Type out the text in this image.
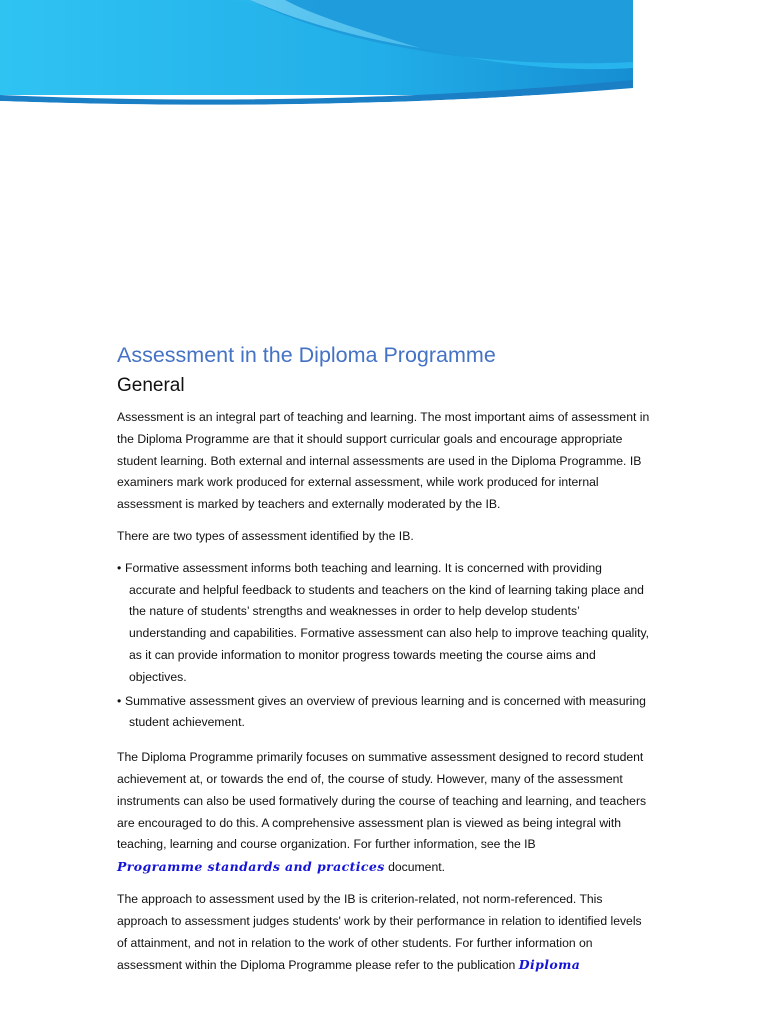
Assessment in the Diploma Programme
General

Assessment is an integral part of teaching and learning. The most important aims of assessment in the Diploma Programme are that it should support curricular goals and encourage appropriate student learning. Both external and internal assessments are used in the Diploma Programme. IB examiners mark work produced for external assessment, while work produced for internal assessment is marked by teachers and externally moderated by the IB.

There are two types of assessment identified by the IB.

• Formative assessment informs both teaching and learning. It is concerned with providing accurate and helpful feedback to students and teachers on the kind of learning taking place and the nature of students’ strengths and weaknesses in order to help develop students’ understanding and capabilities. Formative assessment can also help to improve teaching quality, as it can provide information to monitor progress towards meeting the course aims and objectives.
• Summative assessment gives an overview of previous learning and is concerned with measuring student achievement.

The Diploma Programme primarily focuses on summative assessment designed to record student achievement at, or towards the end of, the course of study. However, many of the assessment instruments can also be used formatively during the course of teaching and learning, and teachers are encouraged to do this. A comprehensive assessment plan is viewed as being integral with teaching, learning and course organization. For further information, see the IB
Programme standards and practices document.

The approach to assessment used by the IB is criterion-related, not norm-referenced. This approach to assessment judges students' work by their performance in relation to identified levels of attainment, and not in relation to the work of other students. For further information on assessment within the Diploma Programme please refer to the publication Diploma
